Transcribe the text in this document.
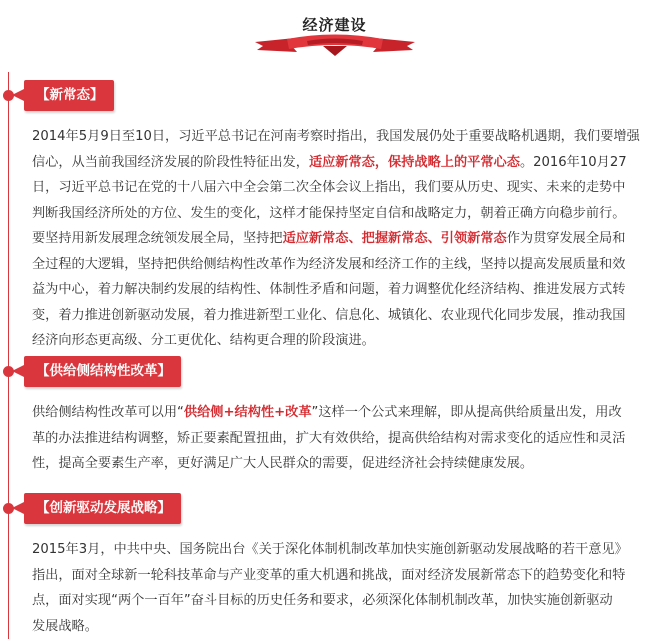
经济建设
【新常态】
2014年5月9日至10日，习近平总书记在河南考察时指出，我国发展仍处于重要战略机遇期，我们要增强
信心，从当前我国经济发展的阶段性特征出发，适应新常态，保持战略上的平常心态。2016年10月27
日，习近平总书记在党的十八届六中全会第二次全体会议上指出，我们要从历史、现实、未来的走势中
判断我国经济所处的方位、发生的变化，这样才能保持坚定自信和战略定力，朝着正确方向稳步前行。
要坚持用新发展理念统领发展全局，坚持把适应新常态、把握新常态、引领新常态作为贯穿发展全局和
全过程的大逻辑，坚持把供给侧结构性改革作为经济发展和经济工作的主线，坚持以提高发展质量和效
益为中心，着力解决制约发展的结构性、体制性矛盾和问题，着力调整优化经济结构、推进发展方式转
变，着力推进创新驱动发展，着力推进新型工业化、信息化、城镇化、农业现代化同步发展，推动我国
经济向形态更高级、分工更优化、结构更合理的阶段演进。
【供给侧结构性改革】
供给侧结构性改革可以用“供给侧+结构性+改革”这样一个公式来理解，即从提高供给质量出发，用改
革的办法推进结构调整，矫正要素配置扭曲，扩大有效供给，提高供给结构对需求变化的适应性和灵活
性，提高全要素生产率，更好满足广大人民群众的需要，促进经济社会持续健康发展。
【创新驱动发展战略】
2015年3月，中共中央、国务院出台《关于深化体制机制改革加快实施创新驱动发展战略的若干意见》
指出，面对全球新一轮科技革命与产业变革的重大机遇和挑战，面对经济发展新常态下的趋势变化和特
点，面对实现“两个一百年”奋斗目标的历史任务和要求，必须深化体制机制改革，加快实施创新驱动
发展战略。
